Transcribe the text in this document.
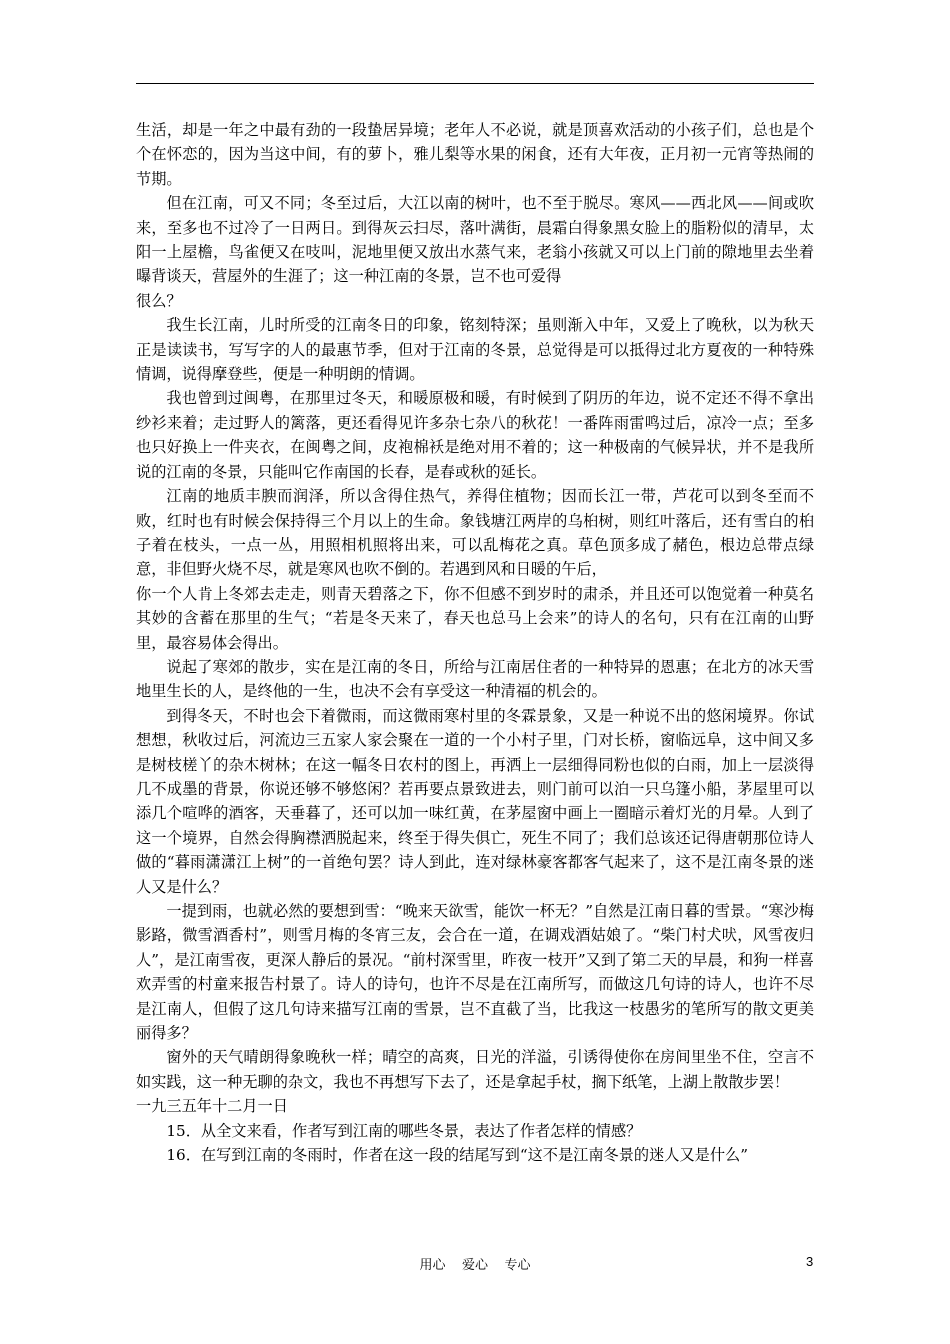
生活，却是一年之中最有劲的一段蛰居异境；老年人不必说，就是顶喜欢活动的小孩子们，总也是个个在怀恋的，因为当这中间，有的萝卜，雅儿梨等水果的闲食，还有大年夜，正月初一元宵等热闹的节期。

但在江南，可又不同；冬至过后，大江以南的树叶，也不至于脱尽。寒风——西北风——间或吹来，至多也不过冷了一日两日。到得灰云扫尽，落叶满街，晨霜白得象黑女脸上的脂粉似的清早，太阳一上屋檐，鸟雀便又在吱叫，泥地里便又放出水蒸气来，老翁小孩就又可以上门前的隙地里去坐着曝背谈天，营屋外的生涯了；这一种江南的冬景，岂不也可爱得

很么？

我生长江南，儿时所受的江南冬日的印象，铭刻特深；虽则渐入中年，又爱上了晚秋，以为秋天正是读读书，写写字的人的最惠节季，但对于江南的冬景，总觉得是可以抵得过北方夏夜的一种特殊情调，说得摩登些，便是一种明朗的情调。

我也曾到过闽粤，在那里过冬天，和暖原极和暖，有时候到了阴历的年边，说不定还不得不拿出纱衫来着；走过野人的篱落，更还看得见许多杂七杂八的秋花！一番阵雨雷鸣过后，凉冷一点；至多也只好换上一件夹衣，在闽粤之间，皮袍棉袄是绝对用不着的；这一种极南的气候异状，并不是我所说的江南的冬景，只能叫它作南国的长春，是春或秋的延长。

江南的地质丰腴而润泽，所以含得住热气，养得住植物；因而长江一带，芦花可以到冬至而不败，红时也有时候会保持得三个月以上的生命。象钱塘江两岸的乌桕树，则红叶落后，还有雪白的桕子着在枝头，一点一丛，用照相机照将出来，可以乱梅花之真。草色顶多成了赭色，根边总带点绿意，非但野火烧不尽，就是寒风也吹不倒的。若遇到风和日暖的午后，

你一个人肯上冬郊去走走，则青天碧落之下，你不但感不到岁时的肃杀，并且还可以饱觉着一种莫名其妙的含蓄在那里的生气；“若是冬天来了，春天也总马上会来”的诗人的名句，只有在江南的山野里，最容易体会得出。

说起了寒郊的散步，实在是江南的冬日，所给与江南居住者的一种特异的恩惠；在北方的冰天雪地里生长的人，是终他的一生，也决不会有享受这一种清福的机会的。

到得冬天，不时也会下着微雨，而这微雨寒村里的冬霖景象，又是一种说不出的悠闲境界。你试想想，秋收过后，河流边三五家人家会聚在一道的一个小村子里，门对长桥，窗临远阜，这中间又多是树枝槎丫的杂木树林；在这一幅冬日农村的图上，再洒上一层细得同粉也似的白雨，加上一层淡得几不成墨的背景，你说还够不够悠闲？若再要点景致进去，则门前可以泊一只乌篷小船，茅屋里可以添几个喧哗的酒客，天垂暮了，还可以加一味红黄，在茅屋窗中画上一圈暗示着灯光的月晕。人到了这一个境界，自然会得胸襟洒脱起来，终至于得失俱亡，死生不同了；我们总该还记得唐朝那位诗人做的“暮雨潇潇江上树”的一首绝句罢？诗人到此，连对绿林豪客都客气起来了，这不是江南冬景的迷人又是什么？

一提到雨，也就必然的要想到雪：“晚来天欲雪，能饮一杯无？”自然是江南日暮的雪景。“寒沙梅影路，微雪酒香村”，则雪月梅的冬宵三友，会合在一道，在调戏酒姑娘了。“柴门村犬吠，风雪夜归人”，是江南雪夜，更深人静后的景况。“前村深雪里，昨夜一枝开”又到了第二天的早晨，和狗一样喜欢弄雪的村童来报告村景了。诗人的诗句，也许不尽是在江南所写，而做这几句诗的诗人，也许不尽是江南人，但假了这几句诗来描写江南的雪景，岂不直截了当，比我这一枝愚劣的笔所写的散文更美丽得多？

窗外的天气晴朗得象晚秋一样；晴空的高爽，日光的洋溢，引诱得使你在房间里坐不住，空言不如实践，这一种无聊的杂文，我也不再想写下去了，还是拿起手杖，搁下纸笔，上湖上散散步罢！

一九三五年十二月一日

15．从全文来看，作者写到江南的哪些冬景，表达了作者怎样的情感？

16．在写到江南的冬雨时，作者在这一段的结尾写到“这不是江南冬景的迷人又是什么”

用心    爱心    专心	3
